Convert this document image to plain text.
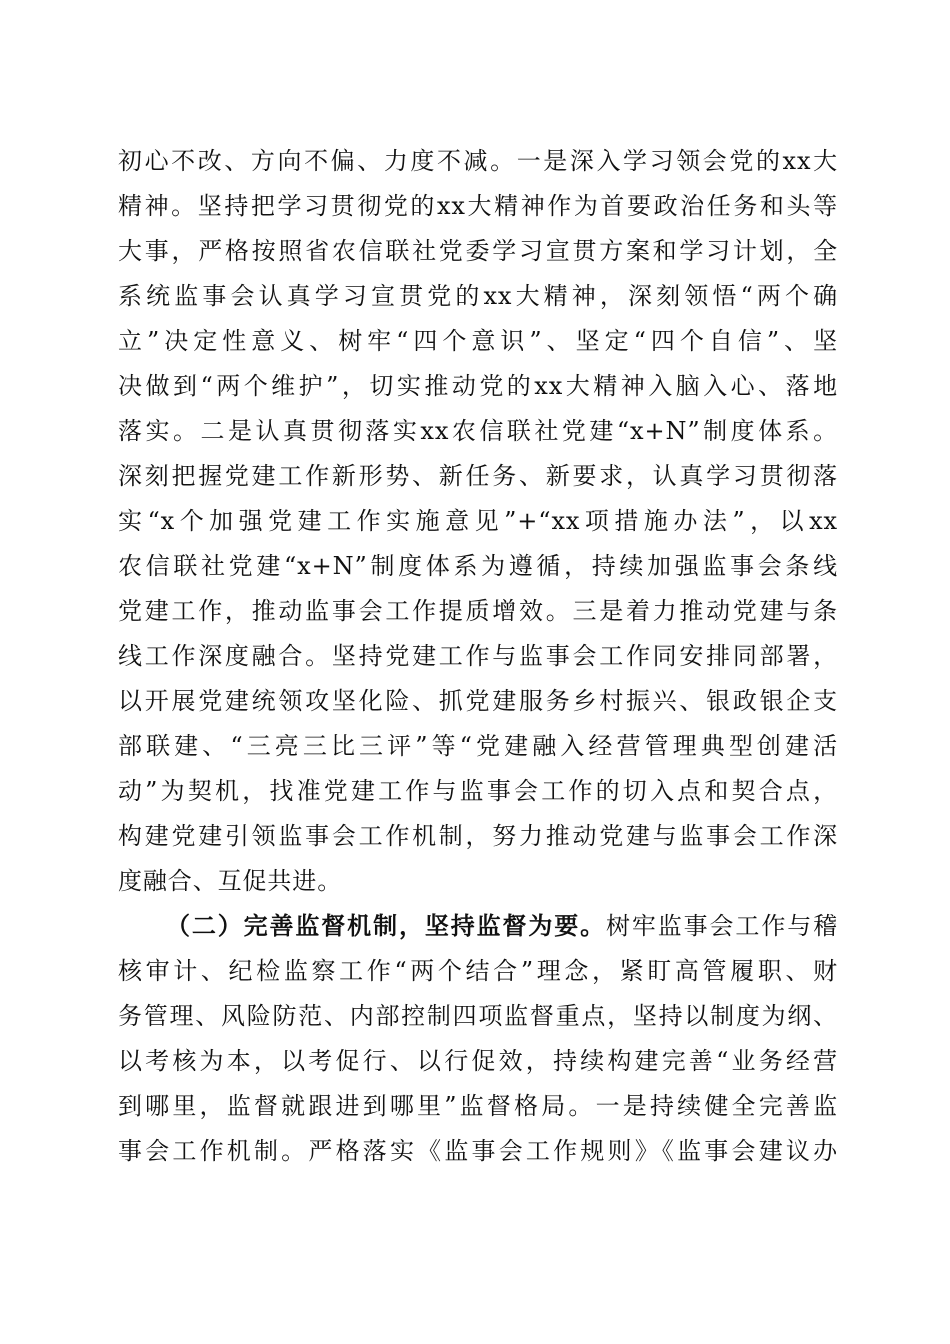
初心不改、方向不偏、力度不减。一是深入学习领会党的xx大
精神。坚持把学习贯彻党的xx大精神作为首要政治任务和头等
大事，严格按照省农信联社党委学习宣贯方案和学习计划，全
系统监事会认真学习宣贯党的xx大精神，深刻领悟“两个确
立”决定性意义、树牢“四个意识”、坚定“四个自信”、坚
决做到“两个维护”，切实推动党的xx大精神入脑入心、落地
落实。二是认真贯彻落实xx农信联社党建“x+N”制度体系。
深刻把握党建工作新形势、新任务、新要求，认真学习贯彻落
实“x个加强党建工作实施意见”+“xx项措施办法”，以xx
农信联社党建“x+N”制度体系为遵循，持续加强监事会条线
党建工作，推动监事会工作提质增效。三是着力推动党建与条
线工作深度融合。坚持党建工作与监事会工作同安排同部署，
以开展党建统领攻坚化险、抓党建服务乡村振兴、银政银企支
部联建、“三亮三比三评”等“党建融入经营管理典型创建活
动”为契机，找准党建工作与监事会工作的切入点和契合点，
构建党建引领监事会工作机制，努力推动党建与监事会工作深
度融合、互促共进。
（二）完善监督机制，坚持监督为要。树牢监事会工作与稽
核审计、纪检监察工作“两个结合”理念，紧盯高管履职、财
务管理、风险防范、内部控制四项监督重点，坚持以制度为纲、
以考核为本，以考促行、以行促效，持续构建完善“业务经营
到哪里，监督就跟进到哪里”监督格局。一是持续健全完善监
事会工作机制。严格落实《监事会工作规则》《监事会建议办
